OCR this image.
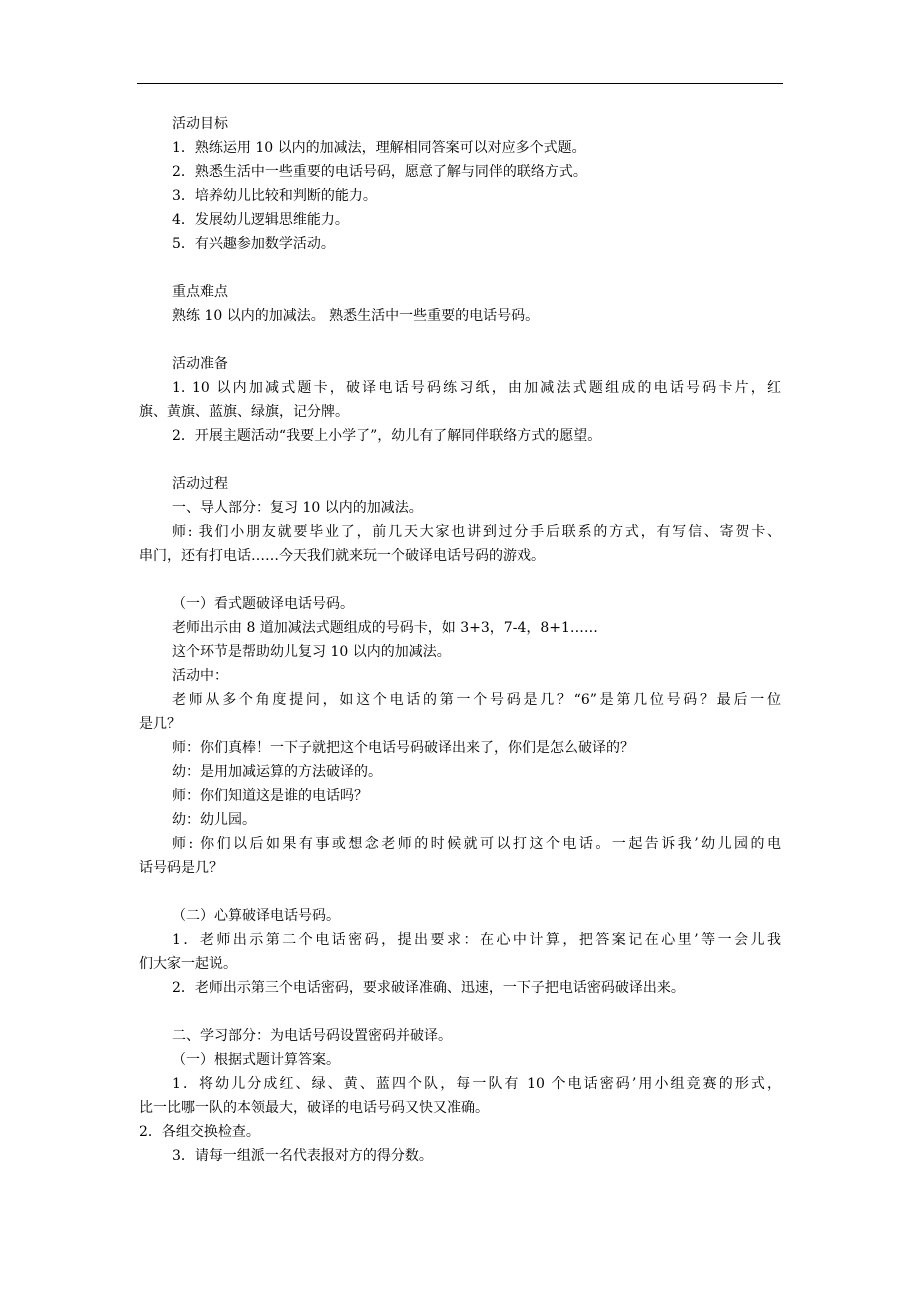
活动目标
1．熟练运用 10 以内的加减法，理解相同答案可以对应多个式题。
2．熟悉生活中一些重要的电话号码，愿意了解与同伴的联络方式。
3．培养幼儿比较和判断的能力。
4．发展幼儿逻辑思维能力。
5．有兴趣参加数学活动。
重点难点
熟练 10 以内的加减法。 熟悉生活中一些重要的电话号码。
活动准备
1. 10 以内加减式题卡，破译电话号码练习纸，由加减法式题组成的电话号码卡片，红
旗、黄旗、蓝旗、绿旗，记分牌。
2．开展主题活动“我要上小学了”，幼儿有了解同伴联络方式的愿望。
活动过程
一、导人部分：复习 10 以内的加减法。
师: 我们小朋友就要毕业了，前几天大家也讲到过分手后联系的方式，有写信、寄贺卡、
串门，还有打电话……今天我们就来玩一个破译电话号码的游戏。
（一）看式题破译电话号码。
老师出示由 8 道加减法式题组成的号码卡，如 3+3，7-4，8+1……
这个环节是帮助幼儿复习 10 以内的加减法。
活动中：
老师从多个角度提问，如这个电话的第一个号码是几？“6”是第几位号码？最后一位
是几？
师：你们真棒！一下子就把这个电话号码破译出来了，你们是怎么破译的？
幼：是用加减运算的方法破译的。
师：你们知道这是谁的电话吗？
幼：幼儿园。
师: 你们以后如果有事或想念老师的时候就可以打这个电话。一起告诉我’幼儿园的电
话号码是几？
（二）心算破译电话号码。
1．老师出示第二个电话密码，提出要求：在心中计算，把答案记在心里’等一会儿我
们大家一起说。
2．老师出示第三个电话密码，要求破译准确、迅速，一下子把电话密码破译出来。
二、学习部分：为电话号码设置密码并破译。
（一）根据式题计算答案。
1．将幼儿分成红、绿、黄、蓝四个队，每一队有 10 个电话密码’用小组竞赛的形式，
比一比哪一队的本领最大，破译的电话号码又快又准确。
2．各组交换检查。
3．请每一组派一名代表报对方的得分数。
